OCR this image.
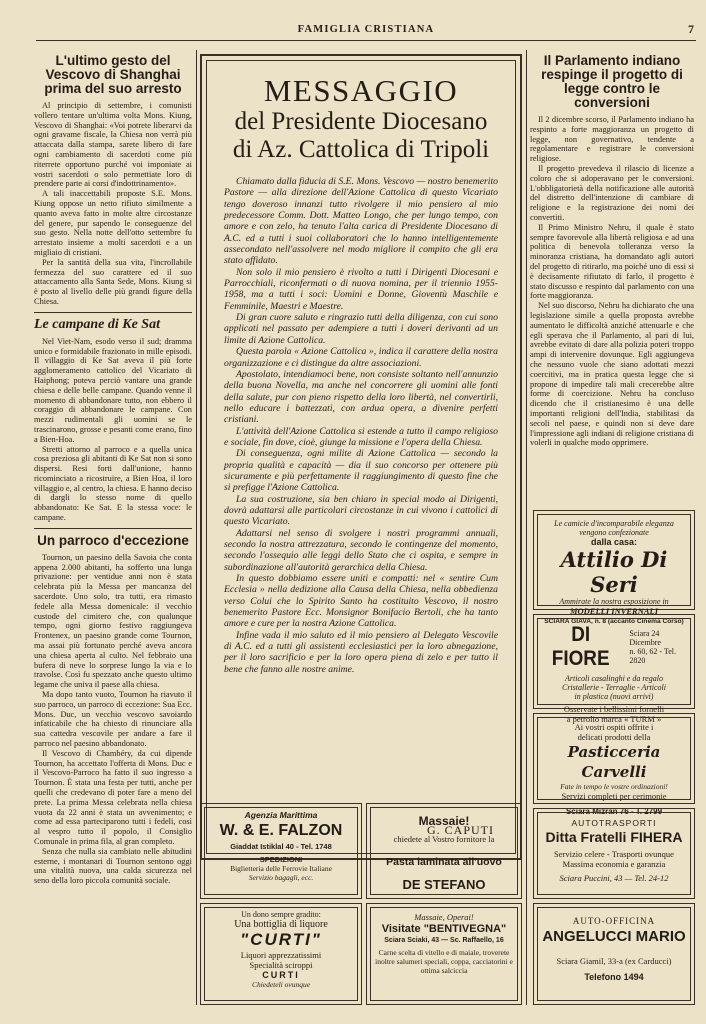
FAMIGLIA CRISTIANA	7
L'ultimo gesto del Vescovo di Shanghai prima del suo arresto

Al principio di settembre, i comunisti vollero tentare un'ultima volta Mons. Kiung, Vescovo di Shanghai: «Voi potrete liberarvi da ogni gravame fiscale, la Chiesa non verrà più attaccata dalla stampa, sarete libero di fare ogni cambiamento di sacerdoti come più riterrete opportuno purché voi imponiate ai vostri sacerdoti o solo permettiate loro di prendere parte ai corsi d'indottrinamento».

A tali inaccettabili proposte S.E. Mons. Kiung oppose un netto rifiuto similmente a quanto aveva fatto in molte altre circostanze del genere, pur sapendo le conseguenze del suo gesto. Nella notte dell'otto settembre fu arrestato insieme a molti sacerdoti e a un migliaio di cristiani.

Per la santità della sua vita, l'incrollabile fermezza del suo carattere ed il suo attaccamento alla Santa Sede, Mons. Kiung si è posto al livello delle più grandi figure della Chiesa.

Le campane di Ke Sat

Nel Viet-Nam, esodo verso il sud; dramma unico e formidabile frazionato in mille episodi. Il villaggio di Ke Sat aveva il più forte agglomeramento cattolico del Vicariato di Haiphong; poteva perciò vantare una grande chiesa e delle belle campane. Quando venne il momento di abbandonare tutto, non ebbero il coraggio di abbandonare le campane. Con mezzi rudimentali gli uomini se le trascinarono, grosse e pesanti come erano, fino a Bien-Hoa.

Stretti attorno al parroco e a quella unica cosa preziosa gli abitanti di Ke Sat non si sono dispersi. Resi forti dall'unione, hanno ricominciato a ricostruire, a Bien Hoa, il loro villaggio e, al centro, la chiesa. E hanno deciso di dargli lo stesso nome di quello abbandonato: Ke Sat. E la stessa voce: le campane.

Un parroco d'eccezione

Tournon, un paesino della Savoia che conta appena 2.000 abitanti, ha sofferto una lunga privazione: per ventidue anni non è stata celebrata più la Messa per mancanza del sacerdote. Uno solo, tra tutti, era rimasto fedele alla Messa domenicale: il vecchio custode del cimitero che, con qualunque tempo, ogni giorno festivo raggiungeva Frontenex, un paesino grande come Tournon, ma assai più fortunato perché aveva ancora una chiesa aperta al culto. Nel febbraio una bufera di neve lo sorprese lungo la via e lo travolse. Così fu spezzato anche questo ultimo legame che univa il paese alla chiesa.

Ma dopo tanto vuoto, Tournon ha riavuto il suo parroco, un parroco di eccezione: Sua Ecc. Mons. Duc, un vecchio vescovo savoiardo infaticabile che ha chiesto di rinunciare alla sua cattedra vescovile per andare a fare il parroco nel paesino abbandonato.

Il Vescovo di Chambéry, da cui dipende Tournon, ha accettato l'offerta di Mons. Duc e il Vescovo-Parroco ha fatto il suo ingresso a Tournon. È stata una festa per tutti, anche per quelli che credevano di poter fare a meno del prete. La prima Messa celebrata nella chiesa vuota da 22 anni è stata un avvenimento; e come ad essa parteciparono tutti i fedeli, così al vespro tutto il popolo, il Consiglio Comunale in prima fila, al gran completo.

Senza che nulla sia cambiato nelle abitudini esterne, i montanari di Tournon sentono oggi una vitalità nuova, una calda sicurezza nel seno della loro piccola comunità sociale.

MESSAGGIO
del Presidente Diocesano
di Az. Cattolica di Tripoli

Chiamato dalla fiducia di S.E. Mons. Vescovo — nostro benemerito Pastore — alla direzione dell'Azione Cattolica di questo Vicariato tengo doveroso innanzi tutto rivolgere il mio pensiero al mio predecessore Comm. Dott. Matteo Longo, che per lungo tempo, con amore e con zelo, ha tenuto l'alta carica di Presidente Diocesano di A.C. ed a tutti i suoi collaboratori che lo hanno intelligentemente assecondato nell'assolvere nel modo migliore il compito che gli era stato affidato.

Non solo il mio pensiero è rivolto a tutti i Dirigenti Diocesani e Parrocchiali, riconfermati o di nuova nomina, per il triennio 1955-1958, ma a tutti i soci: Uomini e Donne, Gioventù Maschile e Femminile, Maestri e Maestre.

Di gran cuore saluto e ringrazio tutti della diligenza, con cui sono applicati nel passato per adempiere a tutti i doveri derivanti ad un limite di Azione Cattolica.

Questa parola « Azione Cattolica », indica il carattere della nostra organizzazione e ci distingue da altre associazioni.

Apostolato, intendiamoci bene, non consiste soltanto nell'annunzio della buona Novella, ma anche nel concorrere gli uomini alle fonti della salute, pur con pieno rispetto della loro libertà, nel convertirli, nello educare i battezzati, con ardua opera, a divenire perfetti cristiani.

L'attività dell'Azione Cattolica si estende a tutto il campo religioso e sociale, fin dove, cioè, giunge la missione e l'opera della Chiesa.

Di conseguenza, ogni milite di Azione Cattolica — secondo la propria qualità e capacità — dia il suo concorso per ottenere più sicuramente e più perfettamente il raggiungimento di questo fine che si prefigge l'Azione Cattolica.

La sua costruzione, sia ben chiaro in special modo ai Dirigenti, dovrà adattarsi alle particolari circostanze in cui vivono i cattolici di questo Vicariato.

Adattarsi nel senso di svolgere i nostri programmi annuali, secondo la nostra attrezzatura, secondo le contingenze del momento, secondo l'ossequio alle leggi dello Stato che ci ospita, e sempre in subordinazione all'autorità gerarchica della Chiesa.

In questo dobbiamo essere uniti e compatti: nel « sentire Cum Ecclesia » nella dedizione alla Causa della Chiesa, nella obbedienza verso Colui che lo Spirito Santo ha costituito Vescovo, il nostro benemerito Pastore Ecc. Monsignor Bonifacio Bertoli, che ha tanto amore e cure per la nostra Azione Cattolica.

Infine vada il mio saluto ed il mio pensiero al Delegato Vescovile di A.C. ed a tutti gli assistenti ecclesiastici per la loro abnegazione, per il loro sacrificio e per la loro opera piena di zelo e per tutto il bene che fanno alle nostre anime.

G. CAPUTI
Il Parlamento indiano respinge il progetto di legge contro le conversioni

Il 2 dicembre scorso, il Parlamento indiano ha respinto a forte maggioranza un progetto di legge, non governativo, tendente a regolamentare e registrare le conversioni religiose.

Il progetto prevedeva il rilascio di licenze a coloro che si adoperavano per le conversioni. L'obbligatorietà della notificazione alle autorità del distretto dell'intenzione di cambiare di religione e la registrazione dei nomi dei convertiti.

Il Primo Ministro Nehru, il quale è stato sempre favorevole alla libertà religiosa e ad una politica di benevola tolleranza verso la minoranza cristiana, ha domandato agli autori del progetto di ritirarlo, ma poiché uno di essi si è decisamente rifiutato di farlo, il progetto è stato discusso e respinto dal parlamento con una forte maggioranza.

Nel suo discorso, Nehru ha dichiarato che una legislazione simile a quella proposta avrebbe aumentato le difficoltà anziché attenuarle e che egli sperava che il Parlamento, al pari di lui, avrebbe evitato di dare alla polizia poteri troppo ampi di intervenire dovunque. Egli aggiungeva che nessuno vuole che siano adottati mezzi coercitivi, ma in pratica questa legge che si propone di impedire tali mali crecerebbe altre forme di coercizione. Nehru ha concluso dicendo che il cristianesimo è una delle importanti religioni dell'India, stabilitasi da secoli nel paese, e quindi non si deve dare l'impressione agli indiani di religione cristiana di volerli in qualche modo opprimere.

Le camicie d'incomparabile eleganza
vengono confezionate
dalla casa:
Attilio Di Seri
Ammirate la nostra esposizione in
MODELLI INVERNALI
SCIARA GIAVA, n. 8 (accanto Cinema Corso)
DI FIORE
Sciara 24 Dicembre
n. 60, 62 - Tel. 2820
Articoli casalinghi e da regalo
Cristallerie - Terraglie - Articoli
in plastica (nuovi arrivi)
Osservate i bellissimi fornelli
a petrolio marca « TURM »
Ai vostri ospiti offrite i
delicati prodotti della
Pasticceria Carvelli
Fate in tempo le vostre ordinazioni!
Servizi completi per cerimonie
Sciara Mizran 76 - T. 2799
AUTOTRASPORTI
Ditta Fratelli FIHERA
Servizio celere - Trasporti ovunque
Massima economia e garanzia
Sciara Puccini, 43 — Tel. 24-12
AUTO-OFFICINA
ANGELUCCI MARIO
Sciara Giamil, 33-a (ex Carducci)
Telefono 1494
Agenzia Marittima
W. & E. FALZON
Giaddat Istiklal 40 - Tel. 1748
SPEDIZIONI
Biglietteria delle Ferrovie Italiane
Servizio bagagli, ecc.
Massaie!
chiedete al Vostro fornitore la
Pasta laminata all'uovo
DE STEFANO
Un dono sempre gradito:
Una bottiglia di liquore
"CURTI"
Liquori apprezzatissimi
Specialità sciroppi
CURTI
Chiedeteli ovunque
Massaie, Operai!
Visitate "BENTIVEGNA"
Sciara Sciaki, 43 — Sc. Raffaello, 16
Carne scelta di vitello e di maiale, troverete inoltre salumeri speciali, coppa, cacciatorini e ottima salciccia
